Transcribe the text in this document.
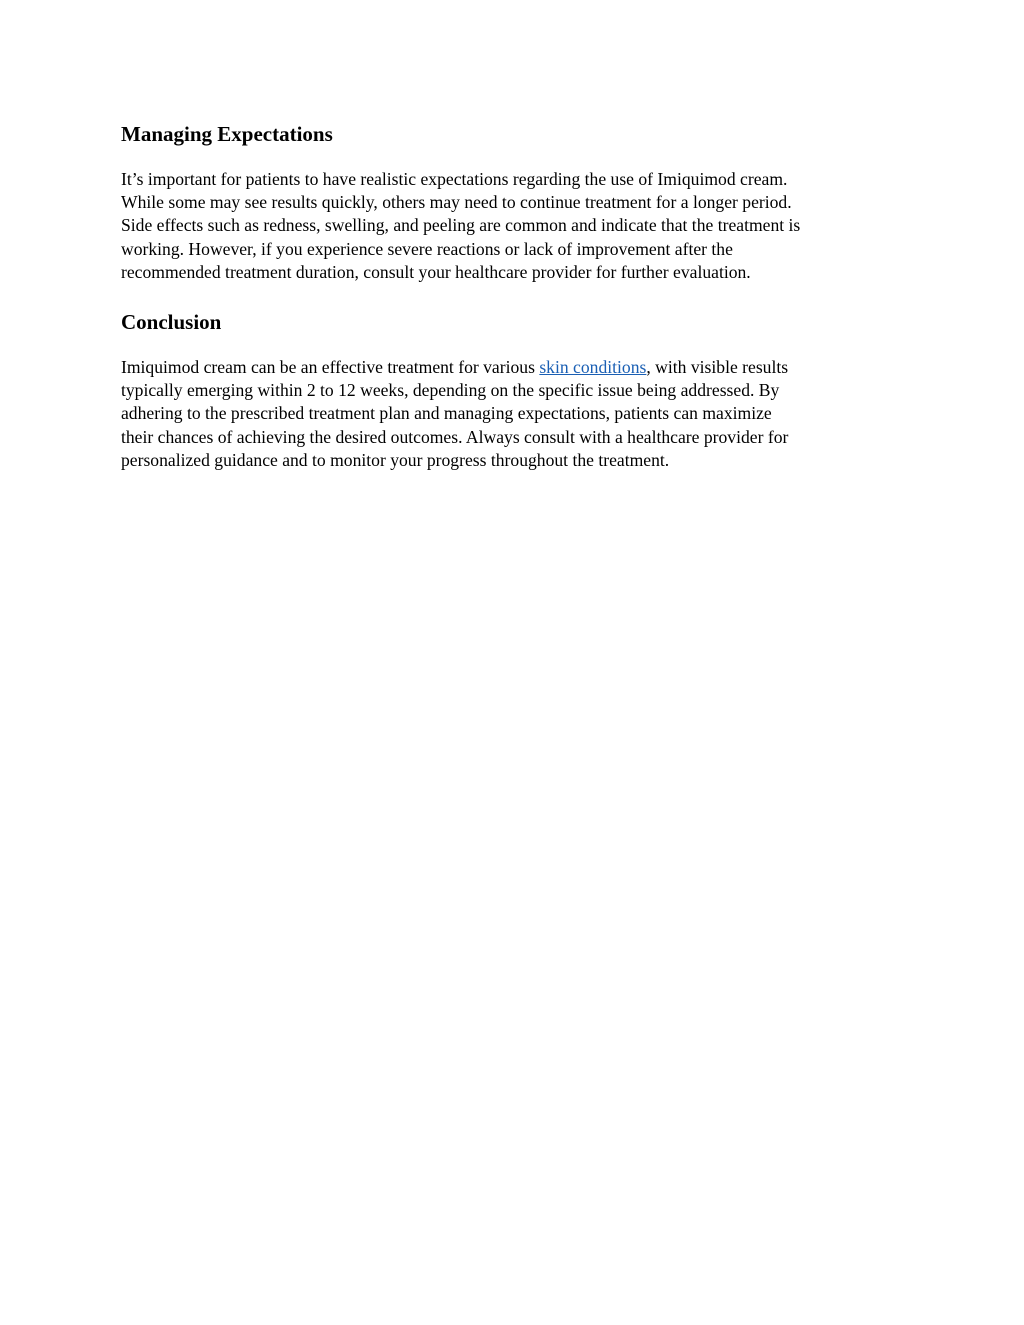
Managing Expectations

It’s important for patients to have realistic expectations regarding the use of Imiquimod cream.

While some may see results quickly, others may need to continue treatment for a longer period.

Side effects such as redness, swelling, and peeling are common and indicate that the treatment is

working. However, if you experience severe reactions or lack of improvement after the

recommended treatment duration, consult your healthcare provider for further evaluation.

Conclusion

Imiquimod cream can be an effective treatment for various skin conditions, with visible results

typically emerging within 2 to 12 weeks, depending on the specific issue being addressed. By

adhering to the prescribed treatment plan and managing expectations, patients can maximize

their chances of achieving the desired outcomes. Always consult with a healthcare provider for

personalized guidance and to monitor your progress throughout the treatment.
